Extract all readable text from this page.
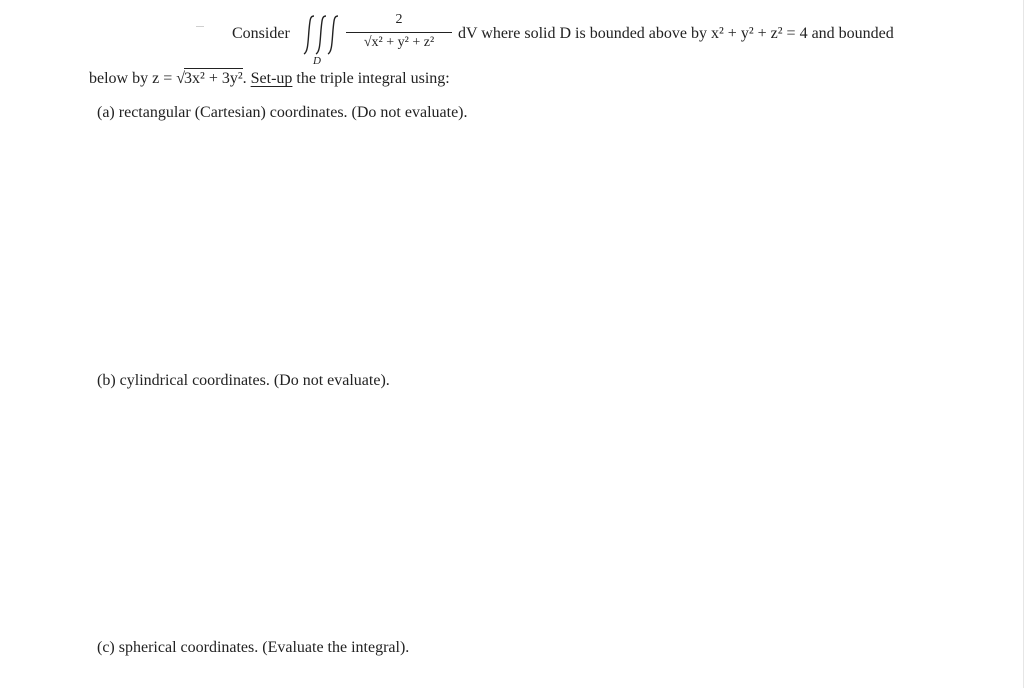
Consider
D
2
√x² + y² + z²
dV where solid D is bounded above by x² + y² + z² = 4 and bounded
below by z = √3x² + 3y². Set-up the triple integral using:
(a) rectangular (Cartesian) coordinates. (Do not evaluate).
(b) cylindrical coordinates. (Do not evaluate).
(c) spherical coordinates. (Evaluate the integral).
